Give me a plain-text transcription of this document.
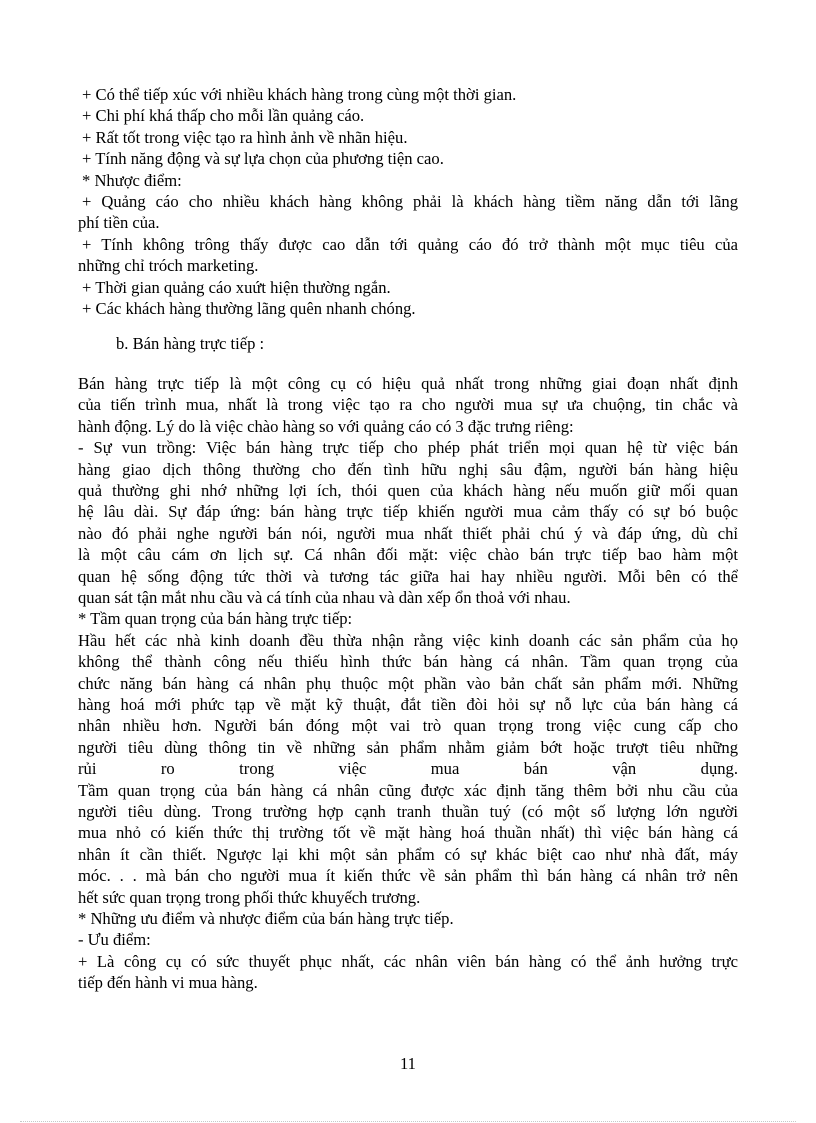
+ Có thể tiếp xúc với nhiều khách hàng trong cùng một thời gian.
+ Chi phí khá thấp cho mỗi lần quảng cáo.
+ Rất tốt trong việc tạo ra hình ảnh về nhãn hiệu.
+ Tính năng động và sự lựa chọn của phương tiện cao.
* Nhược điểm:
+ Quảng cáo cho nhiều khách hàng không phải là khách hàng tiềm năng dẫn tới lãng
phí tiền của.
+ Tính không trông thấy được cao dẫn tới quảng cáo đó trở thành một mục tiêu của
những chỉ tróch marketing.
+ Thời gian quảng cáo xuứt hiện thường ngắn.
+ Các khách hàng thường lãng quên nhanh chóng.
b. Bán hàng trực tiếp :
Bán hàng trực tiếp là một công cụ có hiệu quả nhất trong những giai đoạn nhất định
của tiến trình mua, nhất là trong việc tạo ra cho người mua sự ưa chuộng, tin chắc và
hành động. Lý do là việc chào hàng so với quảng cáo có 3 đặc trưng riêng:
- Sự vun trồng: Việc bán hàng trực tiếp cho phép phát triển mọi quan hệ từ việc bán
hàng giao dịch thông thường cho đến tình hữu nghị sâu đậm, người bán hàng hiệu
quả thường ghi nhớ những lợi ích, thói quen của khách hàng nếu muốn giữ mối quan
hệ lâu dài. Sự đáp ứng: bán hàng trực tiếp khiến người mua cảm thấy có sự bó buộc
nào đó phải nghe người bán nói, người mua nhất thiết phải chú ý và đáp ứng, dù chỉ
là một câu cám ơn lịch sự. Cá nhân đối mặt: việc chào bán trực tiếp bao hàm một
quan hệ sống động tức thời và tương tác giữa hai hay nhiều người. Mỗi bên có thể
quan sát tận mắt nhu cầu và cá tính của nhau và dàn xếp ổn thoả với nhau.
* Tầm quan trọng của bán hàng trực tiếp:
Hầu hết các nhà kinh doanh đều thừa nhận rằng việc kinh doanh các sản phẩm của họ
không thể thành công nếu thiếu hình thức bán hàng cá nhân. Tầm quan trọng của
chức năng bán hàng cá nhân phụ thuộc một phần vào bản chất sản phẩm mới. Những
hàng hoá mới phức tạp về mặt kỹ thuật, đắt tiền đòi hỏi sự nỗ lực của bán hàng cá
nhân nhiều hơn. Người bán đóng một vai trò quan trọng trong việc cung cấp cho
người tiêu dùng thông tin về những sản phẩm nhằm giảm bớt hoặc trượt tiêu những
rủi ro trong việc mua bán vận dụng.
Tầm quan trọng của bán hàng cá nhân cũng được xác định tăng thêm bởi nhu cầu của
người tiêu dùng. Trong trường hợp cạnh tranh thuần tuý (có một số lượng lớn người
mua nhỏ có kiến thức thị trường tốt về mặt hàng hoá thuần nhất) thì việc bán hàng cá
nhân ít cần thiết. Ngược lại khi một sản phẩm có sự khác biệt cao như nhà đất, máy
móc. . . mà bán cho người mua ít kiến thức về sản phẩm thì bán hàng cá nhân trở nên
hết sức quan trọng trong phối thức khuyếch trương.
* Những ưu điểm và nhược điểm của bán hàng trực tiếp.
- Ưu điểm:
+ Là công cụ có sức thuyết phục nhất, các nhân viên bán hàng có thể ảnh hưởng trực
tiếp đến hành vi mua hàng.
11
